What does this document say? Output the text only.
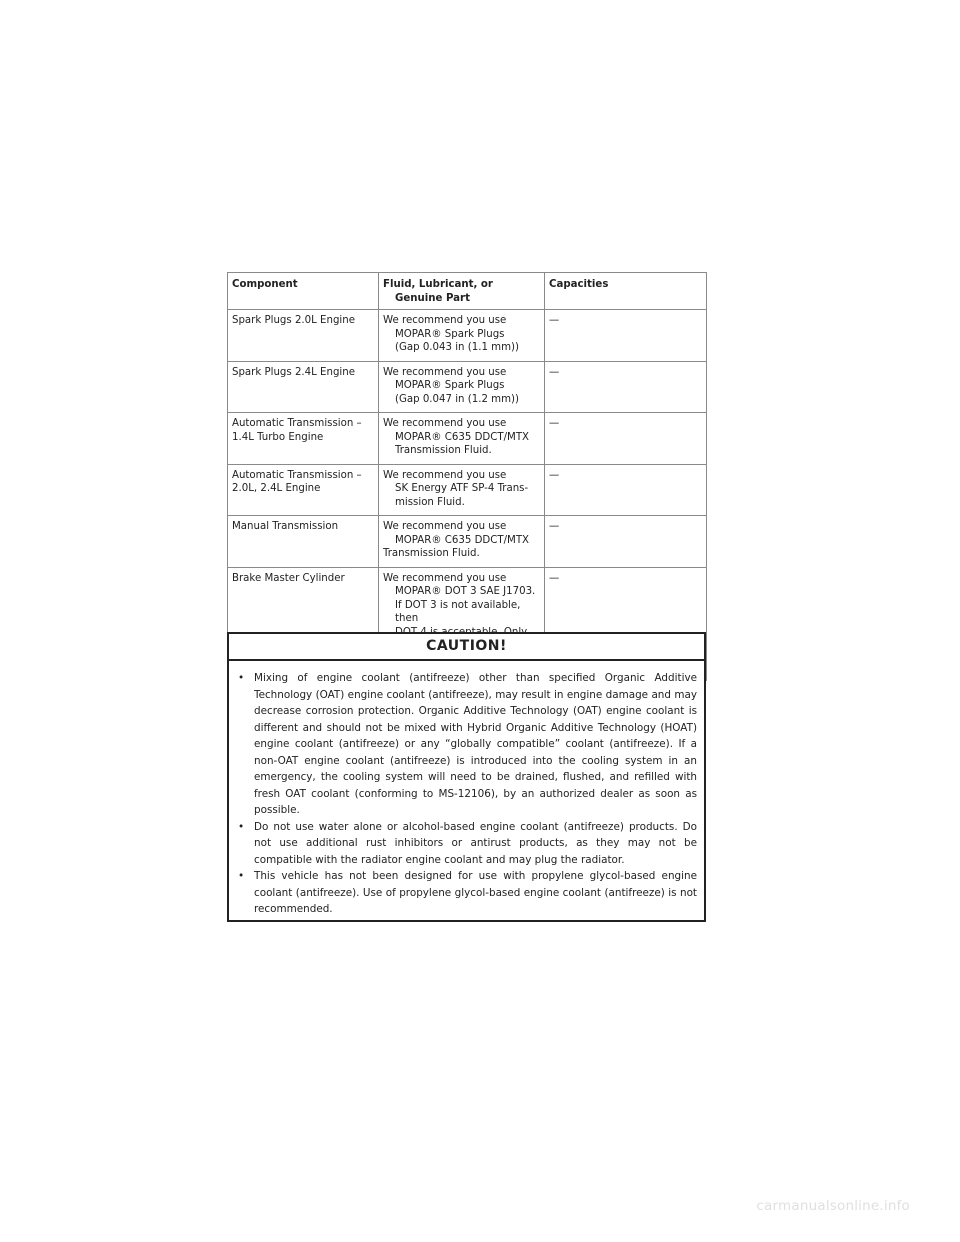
Component	Fluid, Lubricant, or Genuine Part	Capacities
Spark Plugs 2.0L Engine	We recommend you use
MOPAR® Spark Plugs
(Gap 0.043 in (1.1 mm))	—
Spark Plugs 2.4L Engine	We recommend you use
MOPAR® Spark Plugs
(Gap 0.047 in (1.2 mm))	—

Automatic Transmission – 1.4L Turbo Engine	We recommend you use
MOPAR® C635 DDCT/MTX
Transmission Fluid.	—
Automatic Transmission – 2.0L, 2.4L Engine	We recommend you use
SK Energy ATF SP-4 Trans-
mission Fluid.	—
Manual Transmission	We recommend you use
MOPAR® C635 DDCT/MTX
Transmission Fluid.	—
Brake Master Cylinder	We recommend you use
MOPAR® DOT 3 SAE J1703.
If DOT 3 is not available, then	—
CAUTION!
• Mixing of engine coolant (antifreeze) other than specified Organic Additive Technology (OAT) engine coolant (antifreeze), may result in engine damage and may decrease corrosion protection. Organic Additive Technology (OAT) engine coolant is different and should not be mixed with Hybrid Organic Additive Technology (HOAT) engine coolant (antifreeze) or any “globally compatible” coolant (antifreeze). If a non-OAT engine coolant (antifreeze) is introduced into the cooling system in an emergency, the cooling system will need to be drained, flushed, and refilled with fresh OAT coolant (conforming to MS-12106), by an authorized dealer as soon as possible.
• Do not use water alone or alcohol-based engine coolant (antifreeze) products. Do not use additional rust inhibitors or antirust products, as they may not be compatible with the radiator engine coolant and may plug the radiator.
• This vehicle has not been designed for use with propylene glycol-based engine coolant (antifreeze). Use of propylene glycol-based engine coolant (antifreeze) is not recommended.
carmanualsonline.info
